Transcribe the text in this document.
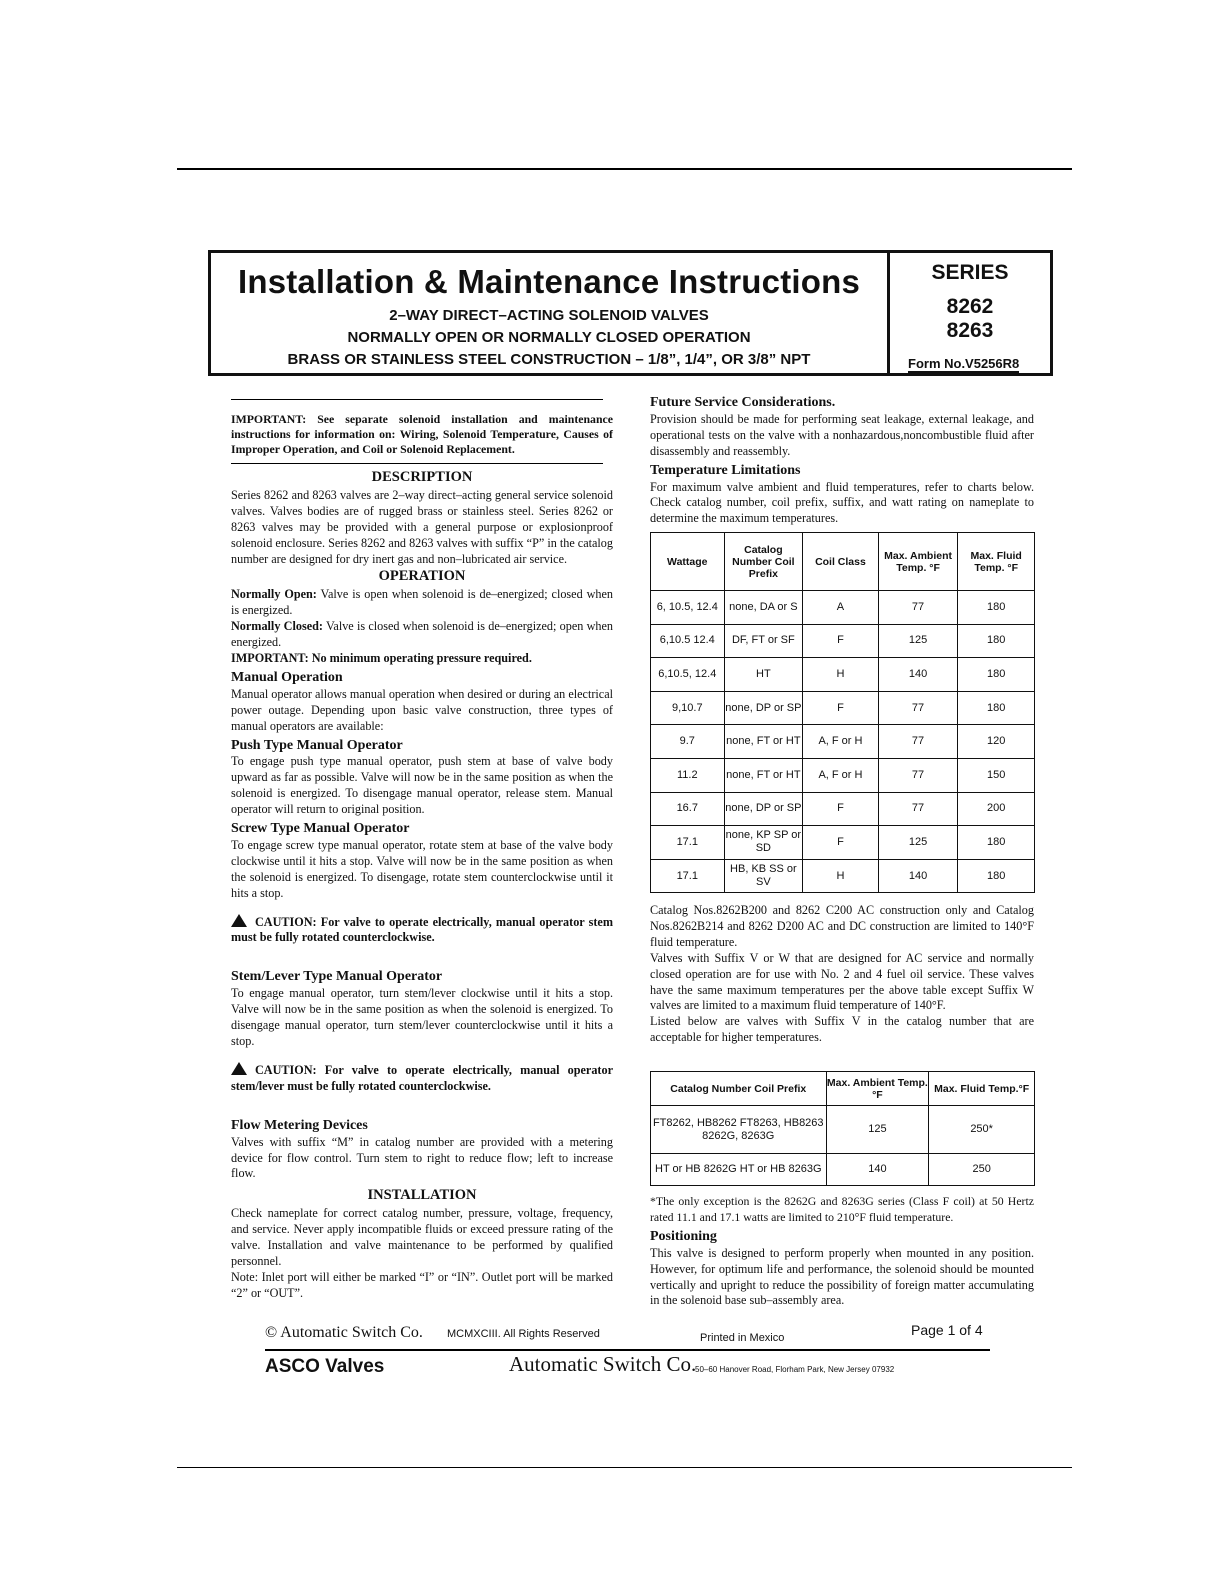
Installation & Maintenance Instructions
2–WAY DIRECT–ACTING SOLENOID VALVES
NORMALLY OPEN OR NORMALLY CLOSED OPERATION
BRASS OR STAINLESS STEEL CONSTRUCTION – 1/8”, 1/4”, OR 3/8” NPT
SERIES
8262
8263
Form No.V5256R8

IMPORTANT: See separate solenoid installation and maintenance instructions for information on: Wiring, Solenoid Temperature, Causes of Improper Operation, and Coil or Solenoid Replacement.

DESCRIPTION

Series 8262 and 8263 valves are 2–way direct–acting general service solenoid valves. Valves bodies are of rugged brass or stainless steel. Series 8262 or 8263 valves may be provided with a general purpose or explosionproof solenoid enclosure. Series 8262 and 8263 valves with suffix “P” in the catalog number are designed for dry inert gas and non–lubricated air service.

OPERATION

Normally Open: Valve is open when solenoid is de–energized; closed when is energized.

Normally Closed: Valve is closed when solenoid is de–energized; open when energized.

IMPORTANT: No minimum operating pressure required.

Manual Operation

Manual operator allows manual operation when desired or during an electrical power outage. Depending upon basic valve construction, three types of manual operators are available:

Push Type Manual Operator

To engage push type manual operator, push stem at base of valve body upward as far as possible. Valve will now be in the same position as when the solenoid is energized. To disengage manual operator, release stem. Manual operator will return to original position.

Screw Type Manual Operator

To engage screw type manual operator, rotate stem at base of the valve body clockwise until it hits a stop. Valve will now be in the same position as when the solenoid is energized. To disengage, rotate stem counterclockwise until it hits a stop.

CAUTION: For valve to operate electrically, manual operator stem must be fully rotated counterclockwise.

Stem/Lever Type Manual Operator

To engage manual operator, turn stem/lever clockwise until it hits a stop. Valve will now be in the same position as when the solenoid is energized. To disengage manual operator, turn stem/lever counterclockwise until it hits a stop.

CAUTION: For valve to operate electrically, manual operator stem/lever must be fully rotated counterclockwise.

Flow Metering Devices

Valves with suffix “M” in catalog number are provided with a metering device for flow control. Turn stem to right to reduce flow; left to increase flow.

INSTALLATION

Check nameplate for correct catalog number, pressure, voltage, frequency, and service. Never apply incompatible fluids or exceed pressure rating of the valve. Installation and valve maintenance to be performed by qualified personnel.

Note: Inlet port will either be marked “I” or “IN”. Outlet port will be marked “2” or “OUT”.

Future Service Considerations.

Provision should be made for performing seat leakage, external leakage, and operational tests on the valve with a nonhazardous,noncombustible fluid after disassembly and reassembly.

Temperature Limitations

For maximum valve ambient and fluid temperatures, refer to charts below. Check catalog number, coil prefix, suffix, and watt rating on nameplate to determine the maximum temperatures.

Wattage	Catalog Number Coil Prefix	Coil Class	Max. Ambient Temp. °F	Max. Fluid Temp. °F
6, 10.5, 12.4	none, DA or S	A	77	180
6,10.5 12.4	DF, FT or SF	F	125	180
6,10.5, 12.4	HT	H	140	180
9,10.7	none, DP or SP	F	77	180
9.7	none, FT or HT	A, F or H	77	120
11.2	none, FT or HT	A, F or H	77	150
16.7	none, DP or SP	F	77	200
17.1	none, KP SP or SD	F	125	180
17.1	HB, KB SS or SV	H	140	180

Catalog Nos.8262B200 and 8262 C200 AC construction only and Catalog Nos.8262B214 and 8262 D200 AC and DC construction are limited to 140°F fluid temperature.

Valves with Suffix V or W that are designed for AC service and normally closed operation are for use with No. 2 and 4 fuel oil service. These valves have the same maximum temperatures per the above table except Suffix W valves are limited to a maximum fluid temperature of 140°F.

Listed below are valves with Suffix V in the catalog number that are acceptable for higher temperatures.

Catalog Number Coil Prefix	Max. Ambient Temp.°F	Max. Fluid Temp.°F
FT8262, HB8262 FT8263, HB8263 8262G, 8263G	125	250*
HT or HB 8262G HT or HB 8263G	140	250

*The only exception is the 8262G and 8263G series (Class F coil) at 50 Hertz rated 11.1 and 17.1 watts are limited to 210°F fluid temperature.

Positioning

This valve is designed to perform properly when mounted in any position. However, for optimum life and performance, the solenoid should be mounted vertically and upright to reduce the possibility of foreign matter accumulating in the solenoid base sub–assembly area.

© Automatic Switch Co. MCMXCIII. All Rights Reserved	Printed in Mexico	Page 1 of 4
ASCO Valves	Automatic Switch Co.
50–60 Hanover Road, Florham Park, New Jersey 07932
